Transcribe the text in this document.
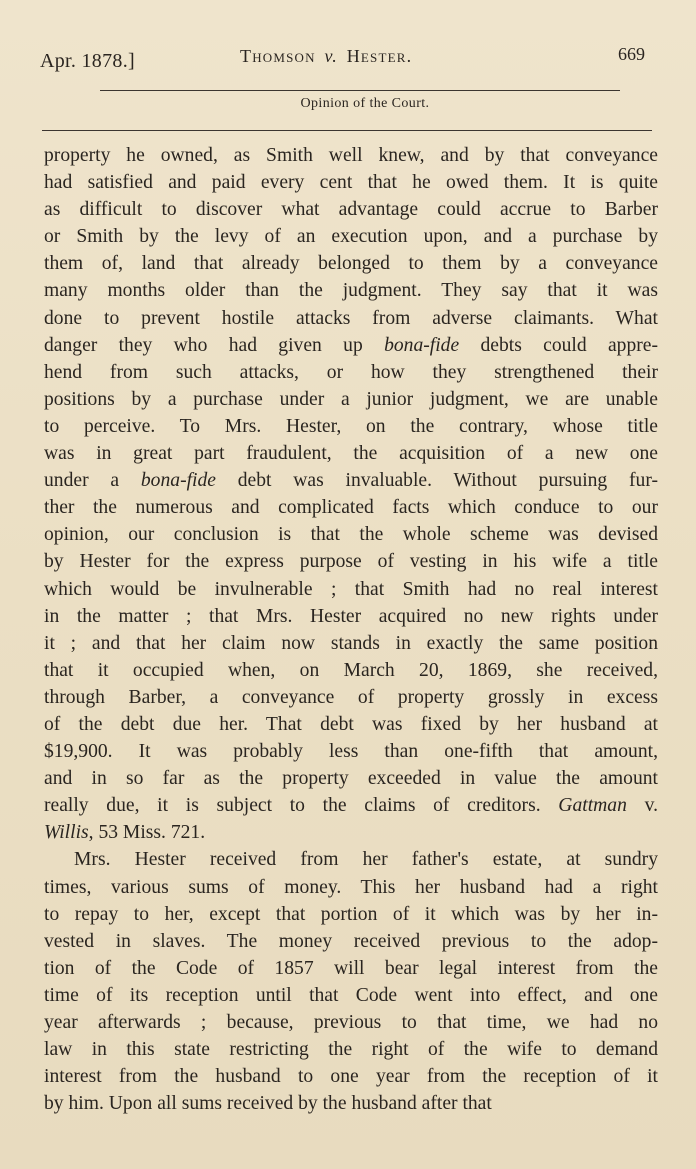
Apr. 1878.]	Thomson v. Hester.	669
Opinion of the Court.
property he owned, as Smith well knew, and by that conveyance
had satisfied and paid every cent that he owed them. It is quite
as difficult to discover what advantage could accrue to Barber
or Smith by the levy of an execution upon, and a purchase by
them of, land that already belonged to them by a conveyance
many months older than the judgment. They say that it was
done to prevent hostile attacks from adverse claimants. What
danger they who had given up bona-fide debts could appre-
hend from such attacks, or how they strengthened their
positions by a purchase under a junior judgment, we are unable
to perceive. To Mrs. Hester, on the contrary, whose title
was in great part fraudulent, the acquisition of a new one
under a bona-fide debt was invaluable. Without pursuing fur-
ther the numerous and complicated facts which conduce to our
opinion, our conclusion is that the whole scheme was devised
by Hester for the express purpose of vesting in his wife a title
which would be invulnerable ; that Smith had no real interest
in the matter ; that Mrs. Hester acquired no new rights under
it ; and that her claim now stands in exactly the same position
that it occupied when, on March 20, 1869, she received,
through Barber, a conveyance of property grossly in excess
of the debt due her. That debt was fixed by her husband at
$19,900. It was probably less than one-fifth that amount,
and in so far as the property exceeded in value the amount
really due, it is subject to the claims of creditors. Gattman v.
Willis, 53 Miss. 721.
Mrs. Hester received from her father's estate, at sundry
times, various sums of money. This her husband had a right
to repay to her, except that portion of it which was by her in-
vested in slaves. The money received previous to the adop-
tion of the Code of 1857 will bear legal interest from the
time of its reception until that Code went into effect, and one
year afterwards ; because, previous to that time, we had no
law in this state restricting the right of the wife to demand
interest from the husband to one year from the reception of it
by him. Upon all sums received by the husband after that
